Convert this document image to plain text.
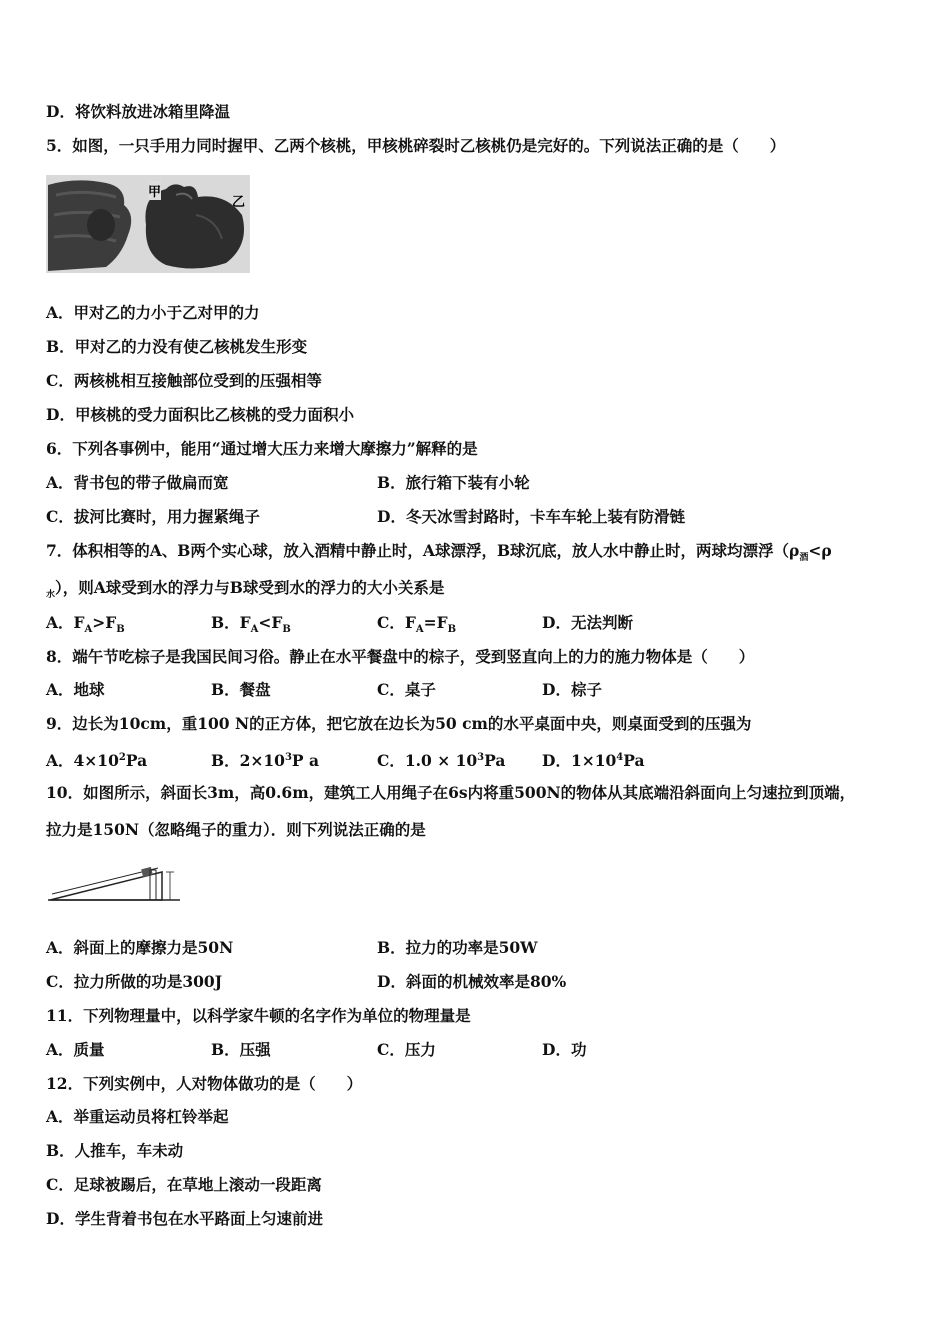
D．将饮料放进冰箱里降温
5．如图，一只手用力同时握甲、乙两个核桃，甲核桃碎裂时乙核桃仍是完好的。下列说法正确的是（　　）
甲
乙
A．甲对乙的力小于乙对甲的力
B．甲对乙的力没有使乙核桃发生形变
C．两核桃相互接触部位受到的压强相等
D．甲核桃的受力面积比乙核桃的受力面积小
6．下列各事例中，能用“通过增大压力来增大摩擦力”解释的是
A．背书包的带子做扁而宽	B．旅行箱下装有小轮
C．拔河比赛时，用力握紧绳子	D．冬天冰雪封路时，卡车车轮上装有防滑链
7．体积相等的A、B两个实心球，放入酒精中静止时，A球漂浮，B球沉底，放人水中静止时，两球均漂浮（$\rho_酒<\rho$
$_水$），则A球受到水的浮力与B球受到水的浮力的大小关系是
A．$F_A>F_B$	B．$F_A<F_B$	C．$F_A=F_B$	D．无法判断
8．端午节吃棕子是我国民间习俗。静止在水平餐盘中的棕子，受到竖直向上的力的施力物体是（　　）
A．地球	B．餐盘	C．桌子	D．棕子
9．边长为10cm，重100 N的正方体，把它放在边长为50 cm的水平桌面中央，则桌面受到的压强为
A．$4\times 10^2Pa$	B．$2\times 10^3P$ a	C．$1.0 \times 10^3Pa$ D．$1\times 10^4Pa$
10．如图所示，斜面长3m，高0.6m，建筑工人用绳子在6s内将重500N的物体从其底端沿斜面向上匀速拉到顶端，
拉力是150N（忽略绳子的重力）．则下列说法正确的是
A．斜面上的摩擦力是50N	B．拉力的功率是50W
C．拉力所做的功是300J	D．斜面的机械效率是80%
11．下列物理量中，以科学家牛顿的名字作为单位的物理量是
A．质量	B．压强	C．压力	D．功
12．下列实例中，人对物体做功的是（　　）
A．举重运动员将杠铃举起
B．人推车，车未动
C．足球被踢后，在草地上滚动一段距离
D．学生背着书包在水平路面上匀速前进
